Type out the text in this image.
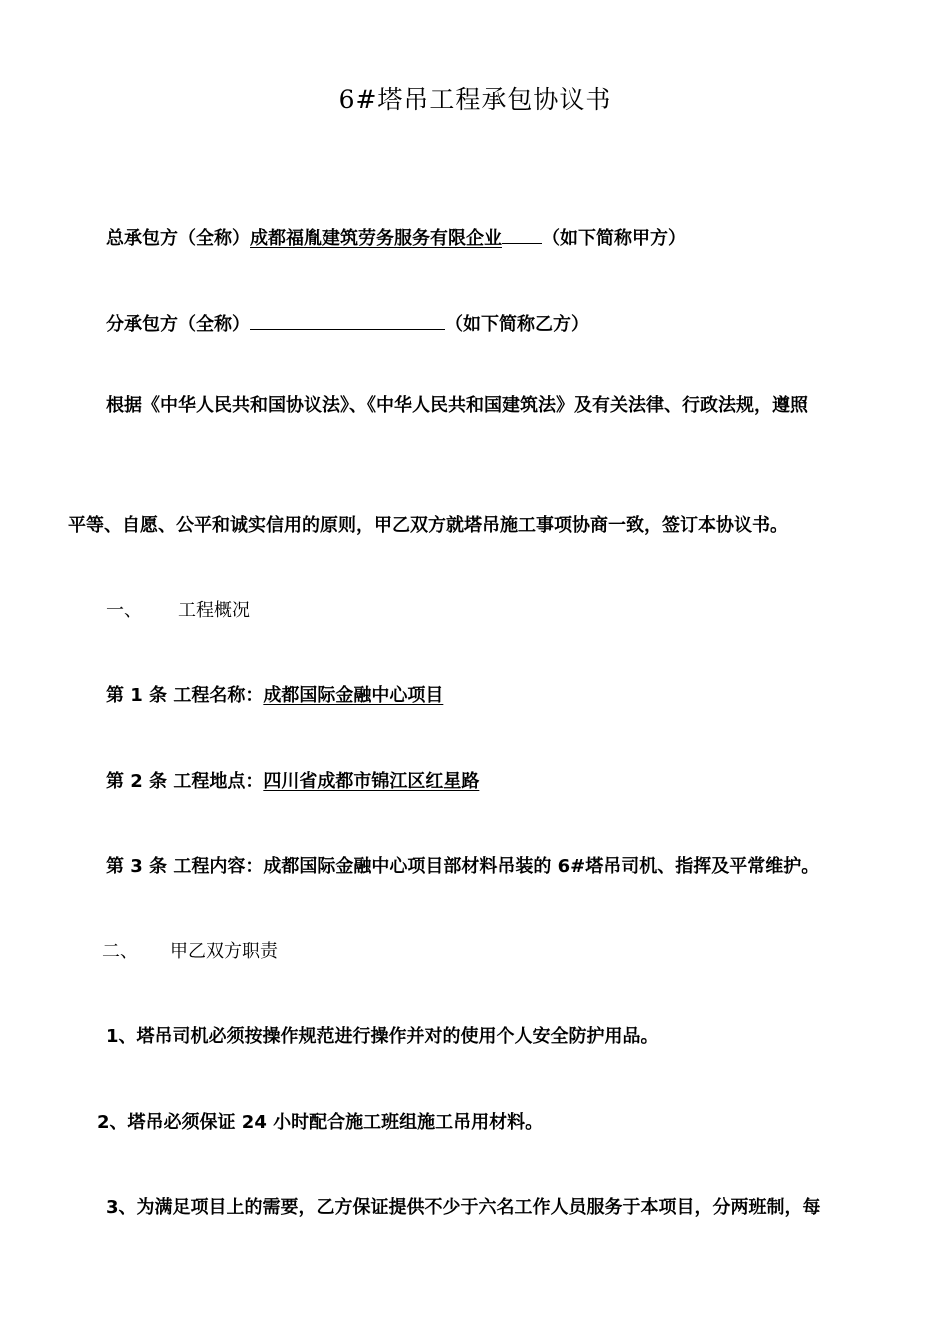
6#塔吊工程承包协议书
总承包方（全称）成都福胤建筑劳务服务有限企业 （如下简称甲方）
分承包方（全称）	（如下简称乙方）
根据《中华人民共和国协议法》、《中华人民共和国建筑法》及有关法律、行政法规，遵照
平等、自愿、公平和诚实信用的原则，甲乙双方就塔吊施工事项协商一致，签订本协议书。
一、 工程概况
第 1 条 工程名称：成都国际金融中心项目
第 2 条 工程地点：四川省成都市锦江区红星路
第 3 条 工程内容：成都国际金融中心项目部材料吊装的 6#塔吊司机、指挥及平常维护。
二、 甲乙双方职责
1、塔吊司机必须按操作规范进行操作并对的使用个人安全防护用品。
2、塔吊必须保证 24 小时配合施工班组施工吊用材料。
3、为满足项目上的需要，乙方保证提供不少于六名工作人员服务于本项目，分两班制，每
